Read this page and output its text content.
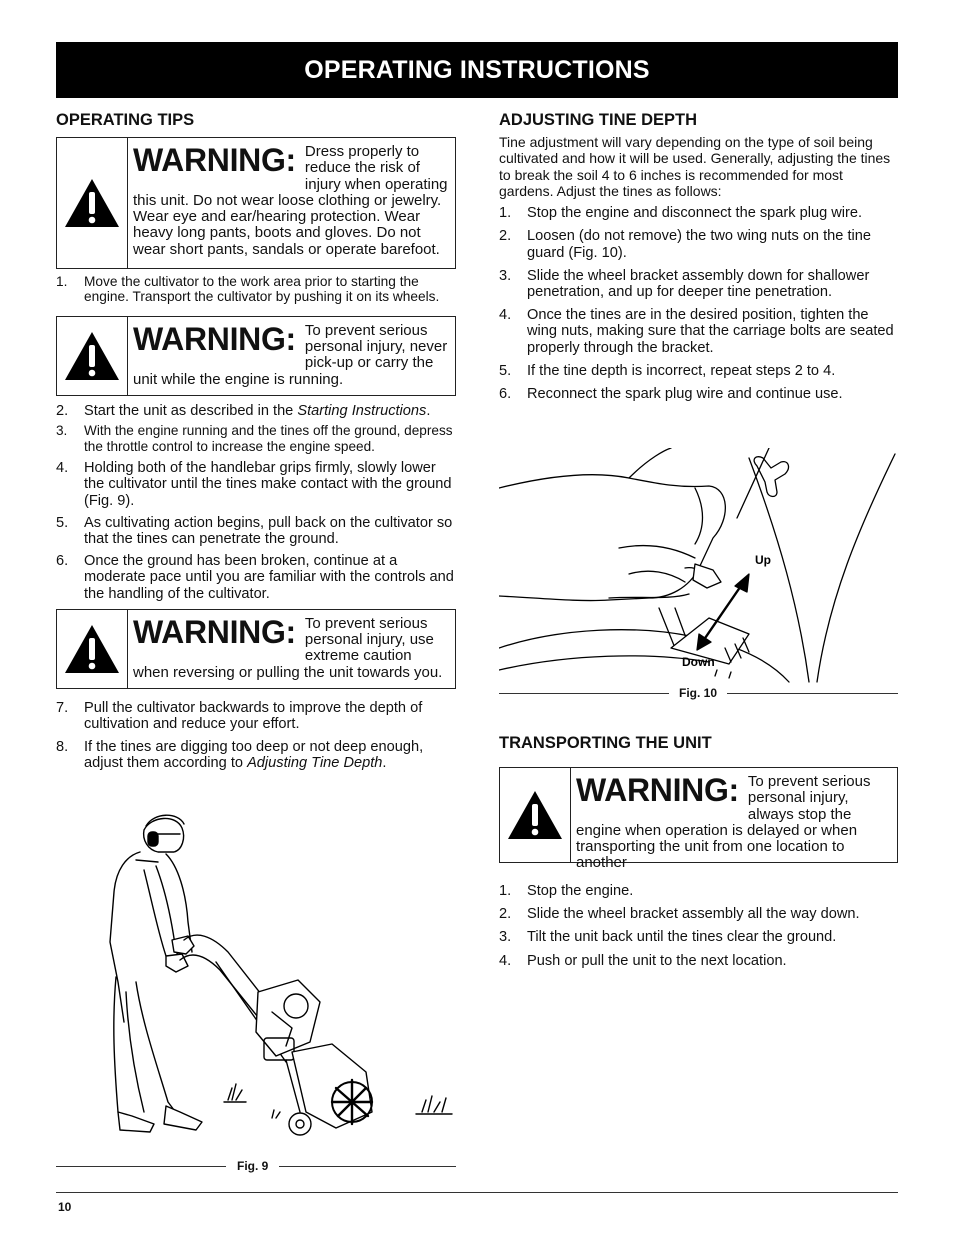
OPERATING INSTRUCTIONS
OPERATING TIPS
WARNING: Dress properly to reduce the risk of injury when operating this unit. Do not wear loose clothing or jewelry. Wear eye and ear/hearing protection. Wear heavy long pants, boots and gloves. Do not wear short pants, sandals or operate barefoot.
1. Move the cultivator to the work area prior to starting the engine. Transport the cultivator by pushing it on its wheels.
WARNING: To prevent serious personal injury, never pick-up or carry the unit while the engine is running.
2. Start the unit as described in the Starting Instructions.
3. With the engine running and the tines off the ground, depress the throttle control to increase the engine speed.
4. Holding both of the handlebar grips firmly, slowly lower the cultivator until the tines make contact with the ground (Fig. 9).
5. As cultivating action begins, pull back on the cultivator so that the tines can penetrate the ground.
6. Once the ground has been broken, continue at a moderate pace until you are familiar with the controls and the handling of the cultivator.
WARNING: To prevent serious personal injury, use extreme caution when reversing or pulling the unit towards you.
7. Pull the cultivator backwards to improve the depth of cultivation and reduce your effort.
8. If the tines are digging too deep or not deep enough, adjust them according to Adjusting Tine Depth.
Fig. 9
ADJUSTING TINE DEPTH

Tine adjustment will vary depending on the type of soil being cultivated and how it will be used. Generally, adjusting the tines to break the soil 4 to 6 inches is recommended for most gardens. Adjust the tines as follows:

1. Stop the engine and disconnect the spark plug wire.
2. Loosen (do not remove) the two wing nuts on the tine guard (Fig. 10).
3. Slide the wheel bracket assembly down for shallower penetration, and up for deeper tine penetration.
4. Once the tines are in the desired position, tighten the wing nuts, making sure that the carriage bolts are seated properly through the bracket.
5. If the tine depth is incorrect, repeat steps 2 to 4.
6. Reconnect the spark plug wire and continue use.
Up
Down
Fig. 10
TRANSPORTING THE UNIT
WARNING: To prevent serious personal injury, always stop the engine when operation is delayed or when transporting the unit from one location to another
1. Stop the engine.
2. Slide the wheel bracket assembly all the way down.
3. Tilt the unit back until the tines clear the ground.
4. Push or pull the unit to the next location.
10
